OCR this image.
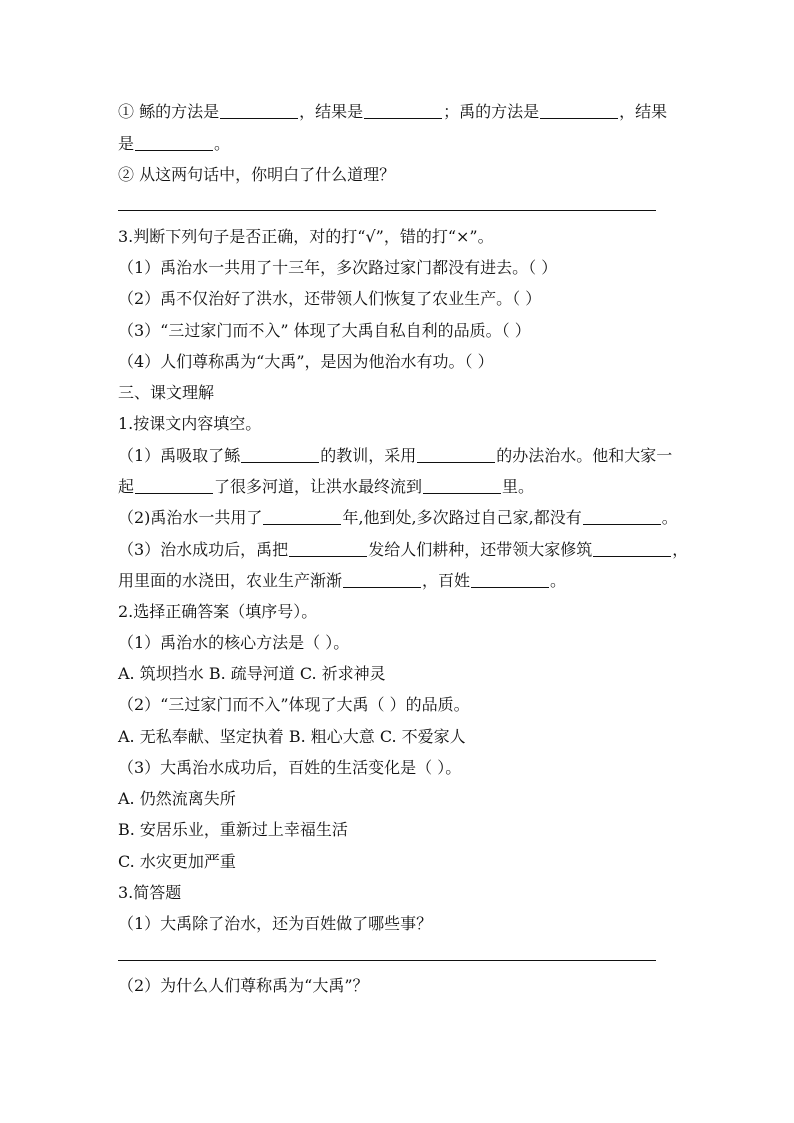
① 鲧的方法是	，结果是	；禹的方法是	，结果
是	。
② 从这两句话中，你明白了什么道理？
3.判断下列句子是否正确，对的打“√”，错的打“×”。
（1）禹治水一共用了十三年，多次路过家门都没有进去。（ ）
（2）禹不仅治好了洪水，还带领人们恢复了农业生产。（ ）
（3）“三过家门而不入” 体现了大禹自私自利的品质。（ ）
（4）人们尊称禹为“大禹”，是因为他治水有功。（ ）
三、课文理解
1.按课文内容填空。
（1）禹吸取了鲧	的教训，采用	的办法治水。他和大家一
起	了很多河道，让洪水最终流到	里。
（2)禹治水一共用了	年,他到处,多次路过自己家,都没有	。
（3）治水成功后，禹把	发给人们耕种，还带领大家修筑	，
用里面的水浇田，农业生产渐渐	，百姓	。
2.选择正确答案（填序号）。
（1）禹治水的核心方法是（ ）。
A. 筑坝挡水 B. 疏导河道 C. 祈求神灵
（2）“三过家门而不入”体现了大禹（ ）的品质。
A. 无私奉献、坚定执着 B. 粗心大意 C. 不爱家人
（3）大禹治水成功后，百姓的生活变化是（ ）。
A. 仍然流离失所
B. 安居乐业，重新过上幸福生活
C. 水灾更加严重
3.简答题
（1）大禹除了治水，还为百姓做了哪些事？
（2）为什么人们尊称禹为“大禹”？
